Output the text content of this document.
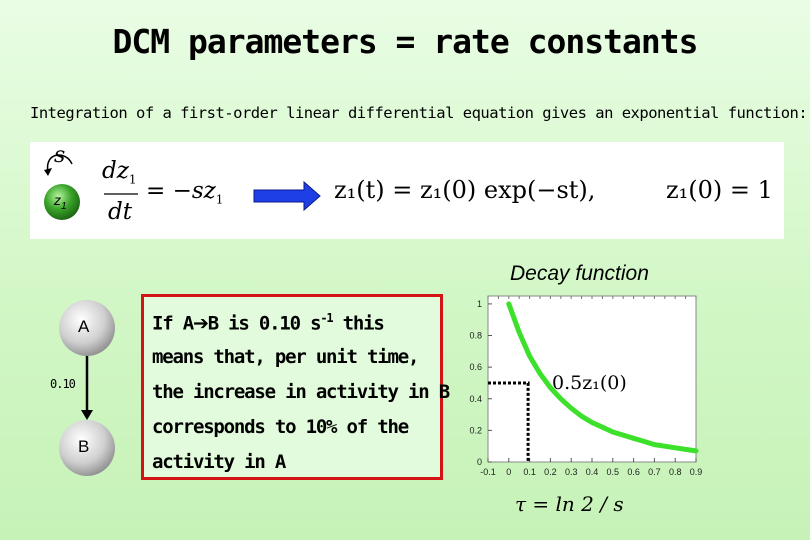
DCM parameters = rate constants
Integration of a first-order linear differential equation gives an exponential function:
s
$z_1$
$dz_1$
dt
= $-sz_1$	z₁(t) = z₁(0) exp(−st),	z₁(0) = 1
A
B
0.10
If A➔B is 0.10 $s^{-1}$ this
means that, per unit time,
the increase in activity in B
corresponds to 10% of the
activity in A
Decay function
0
0.2
0.4
0.6
0.8
1
-0.1 0 0.1 0.2 0.3 0.4 0.5 0.6 0.7 0.8 0.9
0.5z₁(0)
τ = ln 2 / s
